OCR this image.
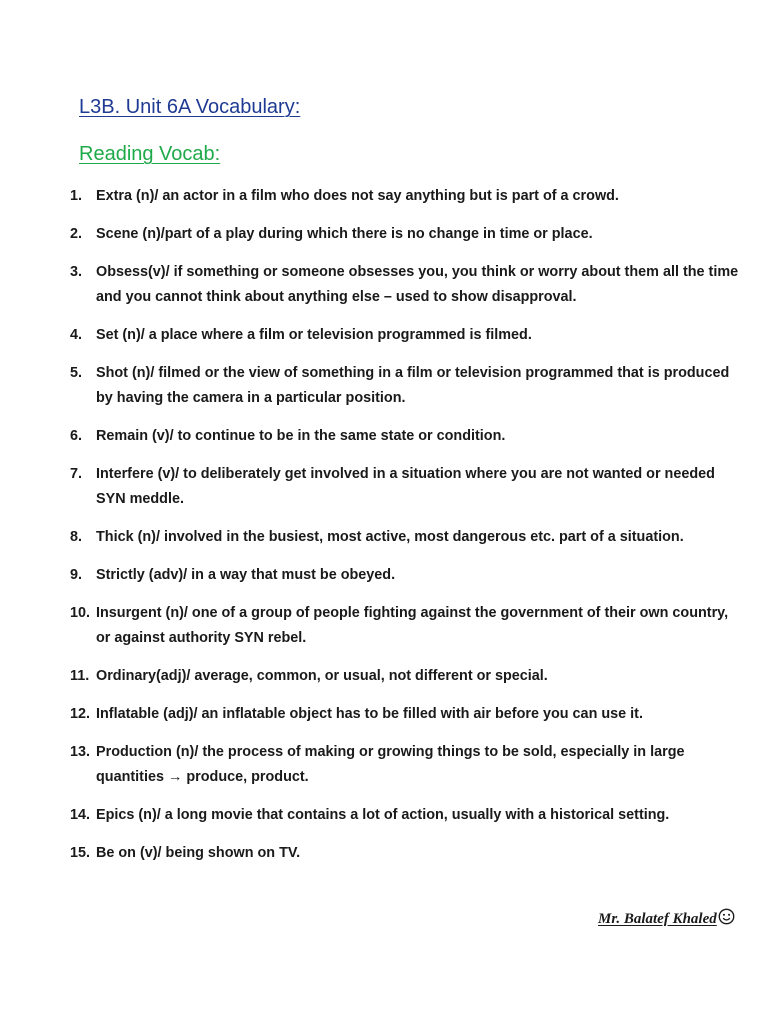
L3B. Unit 6A Vocabulary:
Reading Vocab:
1. Extra (n)/ an actor in a film who does not say anything but is part of a crowd.
2. Scene (n)/part of a play during which there is no change in time or place.
3. Obsess(v)/ if something or someone obsesses you, you think or worry about them all the time and you cannot think about anything else – used to show disapproval.
4. Set (n)/ a place where a film or television programmed is filmed.
5. Shot (n)/ filmed or the view of something in a film or television programmed that is produced by having the camera in a particular position.
6. Remain (v)/ to continue to be in the same state or condition.
7. Interfere (v)/ to deliberately get involved in a situation where you are not wanted or needed SYN meddle.
8. Thick (n)/ involved in the busiest, most active, most dangerous etc. part of a situation.
9. Strictly (adv)/ in a way that must be obeyed.
10. Insurgent (n)/ one of a group of people fighting against the government of their own country, or against authority SYN rebel.
11. Ordinary(adj)/ average, common, or usual, not different or special.
12. Inflatable (adj)/ an inflatable object has to be filled with air before you can use it.
13. Production (n)/ the process of making or growing things to be sold, especially in large quantities → produce, product.
14. Epics (n)/ a long movie that contains a lot of action, usually with a historical setting.
15. Be on (v)/ being shown on TV.
Mr. Balatef Khaled
